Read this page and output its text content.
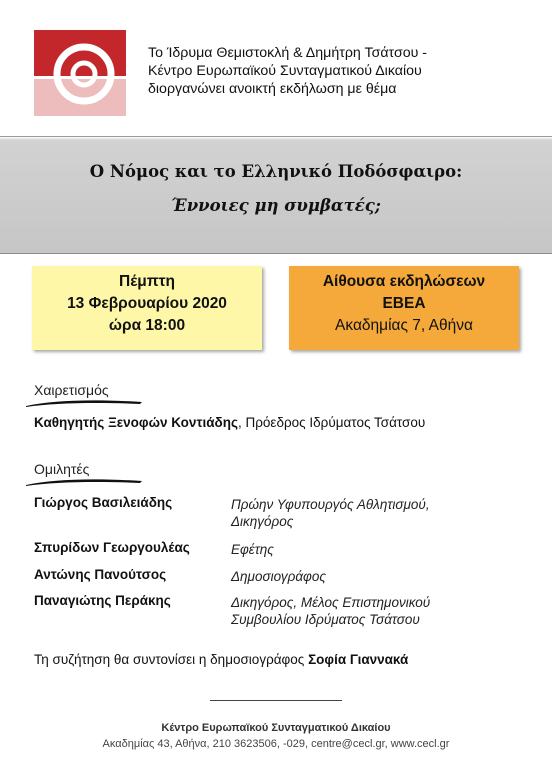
Το Ίδρυμα Θεμιστοκλή & Δημήτρη Τσάτσου -
Κέντρο Ευρωπαϊκού Συνταγματικού Δικαίου
διοργανώνει ανοικτή εκδήλωση με θέμα
Ο Νόμος και το Ελληνικό Ποδόσφαιρο:
Έννοιες μη συμβατές;
Πέμπτη
13 Φεβρουαρίου 2020
ώρα 18:00
Αίθουσα εκδηλώσεων
ΕΒΕΑ
Ακαδημίας 7, Αθήνα
Χαιρετισμός
Καθηγητής Ξενοφών Κοντιάδης, Πρόεδρος Ιδρύματος Τσάτσου
Ομιλητές
Γιώργος Βασιλειάδης	Πρώην Υφυπουργός Αθλητισμού,
Δικηγόρος
Σπυρίδων Γεωργουλέας	Εφέτης
Αντώνης Πανούτσος	Δημοσιογράφος
Παναγιώτης Περάκης	Δικηγόρος, Μέλος Επιστημονικού
Συμβουλίου Ιδρύματος Τσάτσου
Τη συζήτηση θα συντονίσει η δημοσιογράφος Σοφία Γιαννακά
Κέντρο Ευρωπαϊκού Συνταγματικού Δικαίου
Ακαδημίας 43, Αθήνα, 210 3623506, -029, centre@cecl.gr, www.cecl.gr
